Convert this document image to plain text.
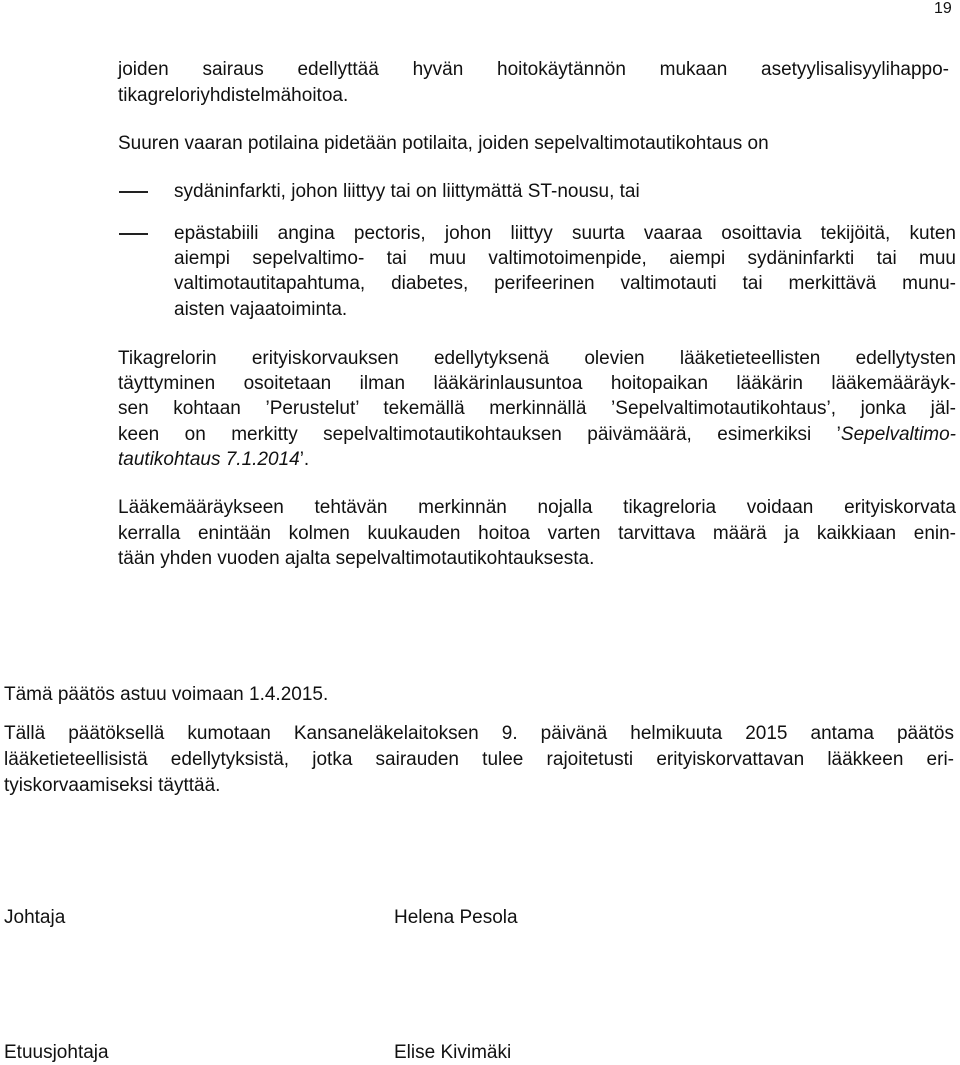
19
joiden sairaus edellyttää hyvän hoitokäytännön mukaan asetyylisalisyylihappo-
tikagreloriyhdistelmähoitoa.
Suuren vaaran potilaina pidetään potilaita, joiden sepelvaltimotautikohtaus on
sydäninfarkti, johon liittyy tai on liittymättä ST-nousu, tai
epästabiili angina pectoris, johon liittyy suurta vaaraa osoittavia tekijöitä, kuten
aiempi sepelvaltimo- tai muu valtimotoimenpide, aiempi sydäninfarkti tai muu
valtimotautitapahtuma, diabetes, perifeerinen valtimotauti tai merkittävä munu-
aisten vajaatoiminta.
Tikagrelorin erityiskorvauksen edellytyksenä olevien lääketieteellisten edellytysten
täyttyminen osoitetaan ilman lääkärinlausuntoa hoitopaikan lääkärin lääkemääräyk-
sen kohtaan ’Perustelut’ tekemällä merkinnällä ’Sepelvaltimotautikohtaus’, jonka jäl-
keen on merkitty sepelvaltimotautikohtauksen päivämäärä, esimerkiksi ’Sepelvaltimo-
tautikohtaus 7.1.2014’.
Lääkemääräykseen tehtävän merkinnän nojalla tikagreloria voidaan erityiskorvata
kerralla enintään kolmen kuukauden hoitoa varten tarvittava määrä ja kaikkiaan enin-
tään yhden vuoden ajalta sepelvaltimotautikohtauksesta.
Tämä päätös astuu voimaan 1.4.2015.
Tällä päätöksellä kumotaan Kansaneläkelaitoksen 9. päivänä helmikuuta 2015 antama päätös
lääketieteellisistä edellytyksistä, jotka sairauden tulee rajoitetusti erityiskorvattavan lääkkeen eri-
tyiskorvaamiseksi täyttää.
Johtaja	Helena Pesola
Etuusjohtaja	Elise Kivimäki
